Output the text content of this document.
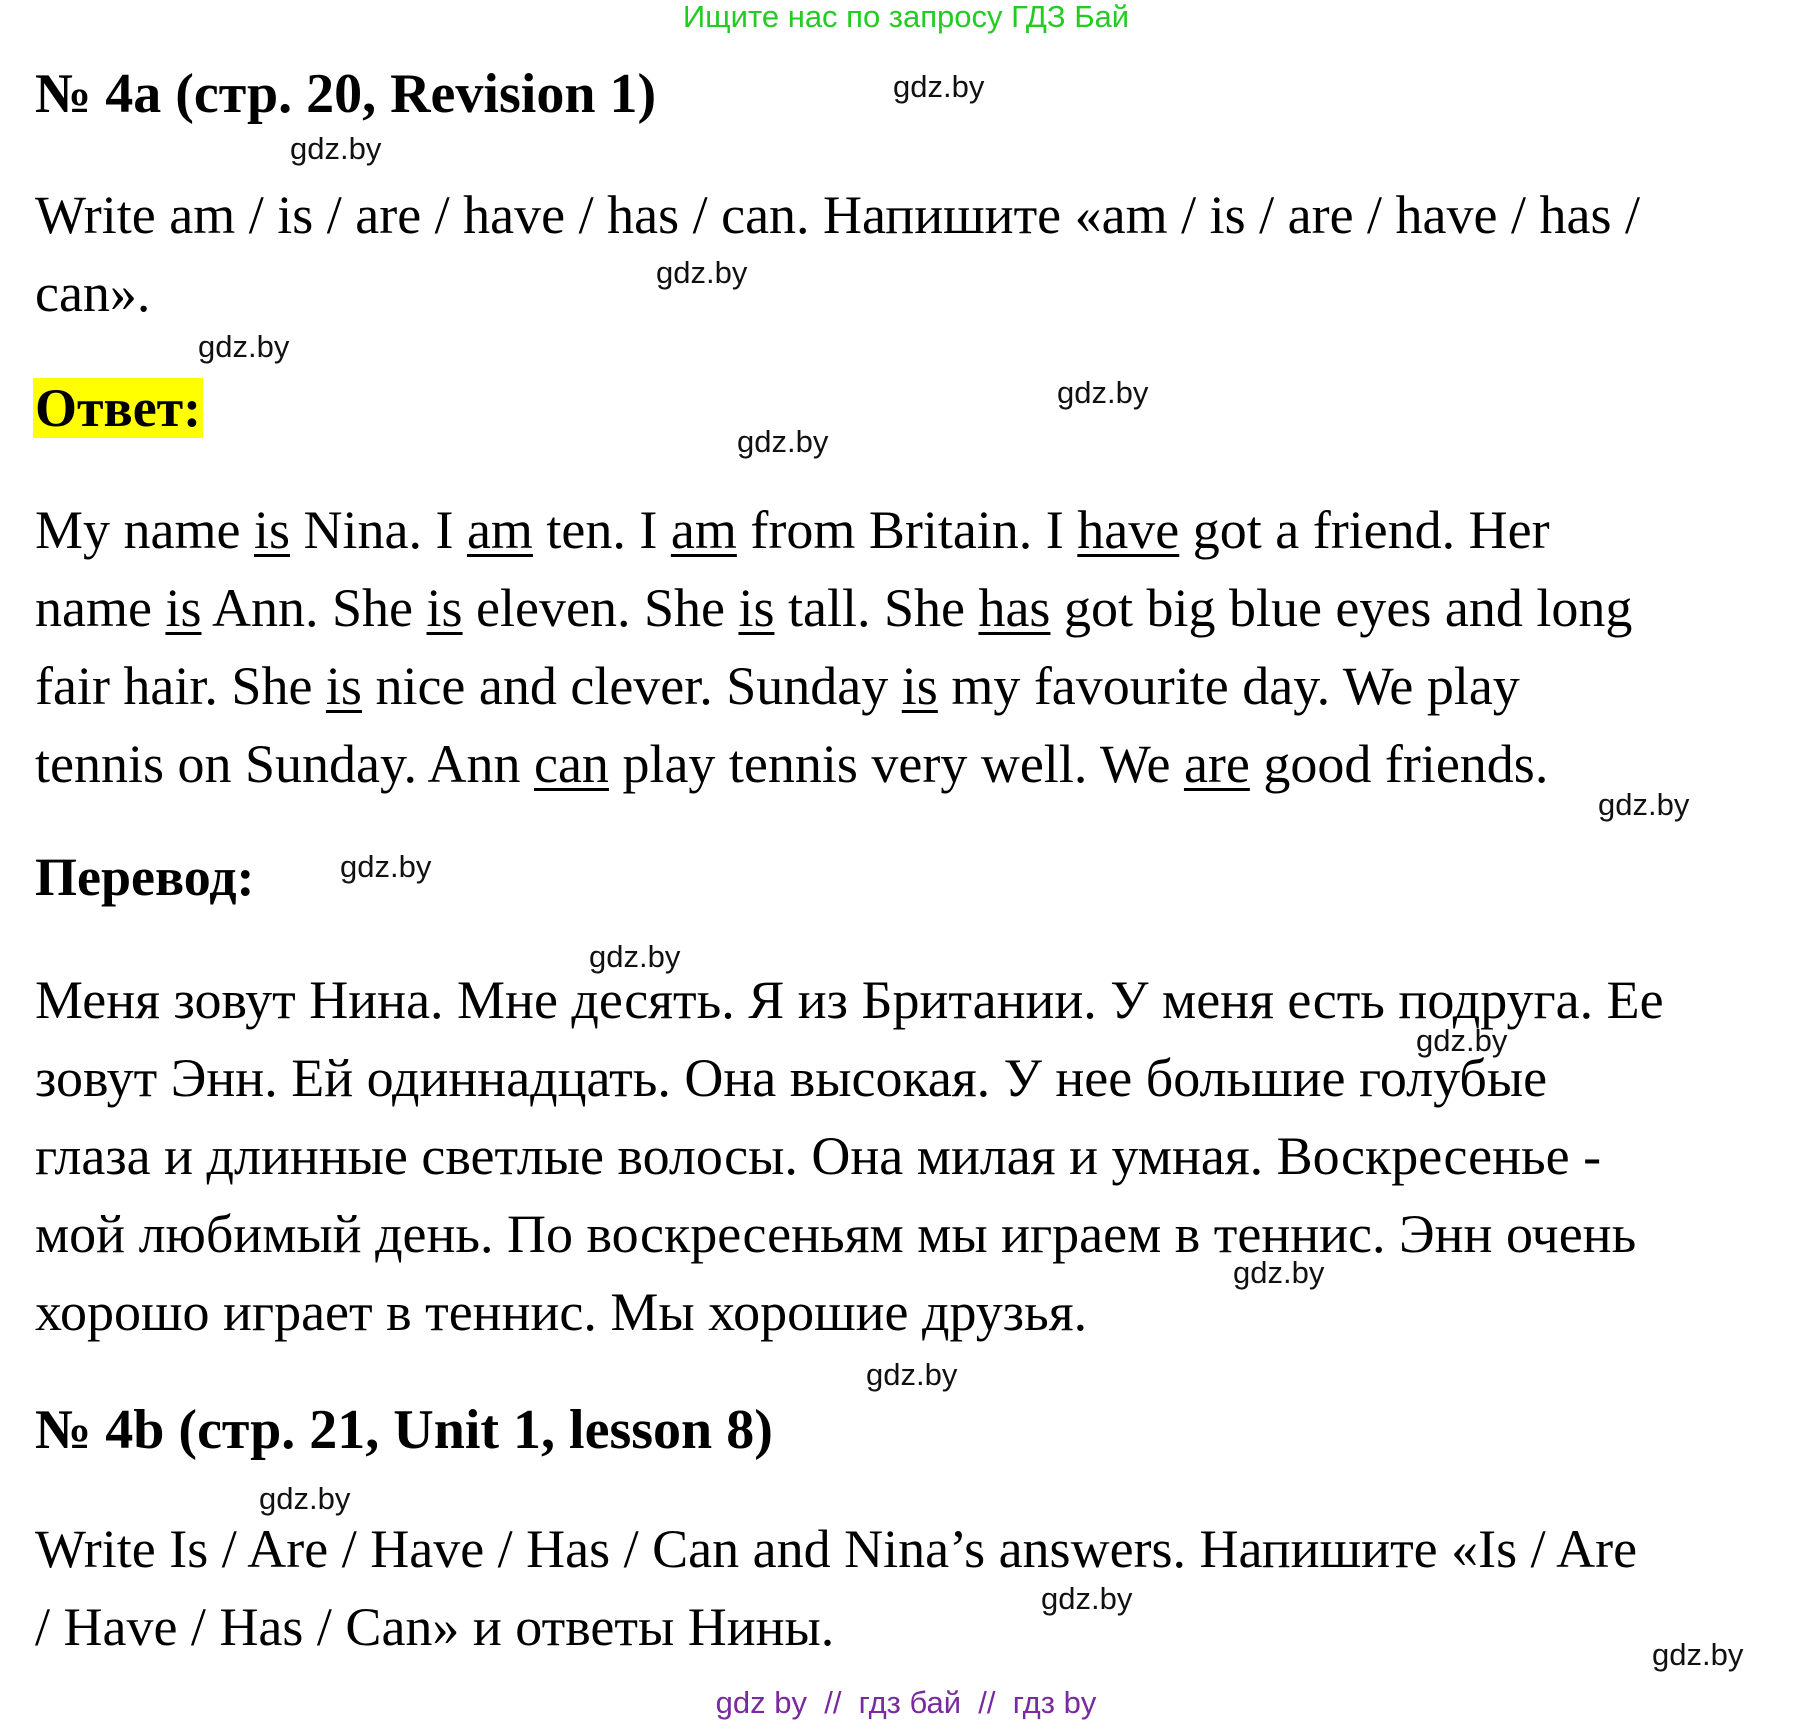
Ищите нас по запросу ГДЗ Бай
№ 4a (стр. 20, Revision 1)
Write am / is / are / have / has / can. Напишите «am / is / are / have / has /
can».
Ответ:
My name is Nina. I am ten. I am from Britain. I have got a friend. Her
name is Ann. She is eleven. She is tall. She has got big blue eyes and long
fair hair. She is nice and clever. Sunday is my favourite day. We play
tennis on Sunday. Ann can play tennis very well. We are good friends.
Перевод:
Меня зовут Нина. Мне десять. Я из Британии. У меня есть подруга. Ее
зовут Энн. Ей одиннадцать. Она высокая. У нее большие голубые
глаза и длинные светлые волосы. Она милая и умная. Воскресенье -
мой любимый день. По воскресеньям мы играем в теннис. Энн очень
хорошо играет в теннис. Мы хорошие друзья.
№ 4b (стр. 21, Unit 1, lesson 8)
Write Is / Are / Have / Has / Can and Nina’s answers. Напишите «Is / Are
/ Have / Has / Can» и ответы Нины.
gdz.by
gdz.by
gdz.by
gdz.by
gdz.by
gdz.by
gdz.by
gdz.by
gdz.by
gdz.by
gdz.by
gdz.by
gdz.by
gdz.by
gdz.by
gdz by  //  гдз бай  //  гдз by
